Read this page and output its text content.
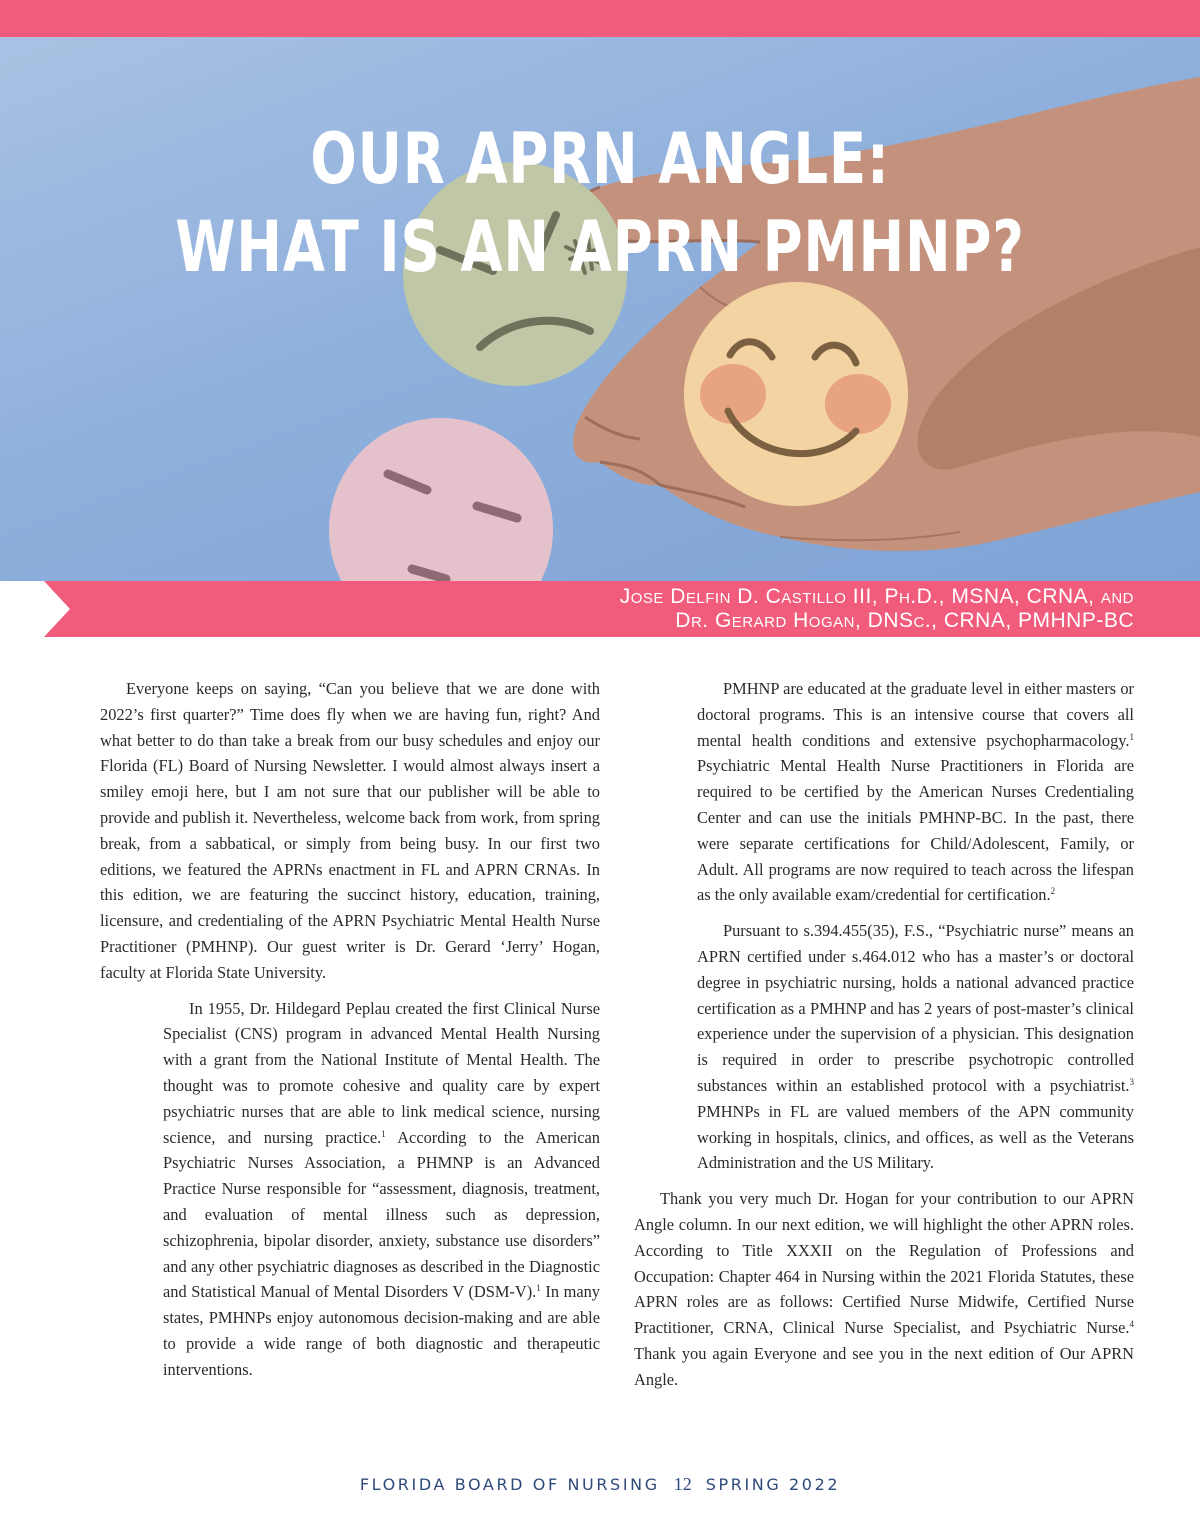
OUR APRN ANGLE:
WHAT IS AN APRN PMHNP?
Jose Delfin D. Castillo III, Ph.D., MSNA, CRNA, and
Dr. Gerard Hogan, DNSc., CRNA, PMHNP-BC

Everyone keeps on saying, “Can you believe that we are done with 2022’s first quarter?” Time does fly when we are having fun, right? And what better to do than take a break from our busy schedules and enjoy our Florida (FL) Board of Nursing Newsletter. I would almost always insert a smiley emoji here, but I am not sure that our publisher will be able to provide and publish it. Nevertheless, welcome back from work, from spring break, from a sabbatical, or simply from being busy. In our first two editions, we featured the APRNs enactment in FL and APRN CRNAs. In this edition, we are featuring the succinct history, education, training, licensure, and credentialing of the APRN Psychiatric Mental Health Nurse Practitioner (PMHNP). Our guest writer is Dr. Gerard ‘Jerry’ Hogan, faculty at Florida State University.

In 1955, Dr. Hildegard Peplau created the first Clinical Nurse Specialist (CNS) program in advanced Mental Health Nursing with a grant from the National Institute of Mental Health. The thought was to promote cohesive and quality care by expert psychiatric nurses that are able to link medical science, nursing science, and nursing practice.$^1$ According to the American Psychiatric Nurses Association, a PHMNP is an Advanced Practice Nurse responsible for “assessment, diagnosis, treatment, and evaluation of mental illness such as depression, schizophrenia, bipolar disorder, anxiety, substance use disorders” and any other psychiatric diagnoses as described in the Diagnostic and Statistical Manual of Mental Disorders V (DSM-V).$^1$ In many states, PMHNPs enjoy autonomous decision-making and are able to provide a wide range of both diagnostic and therapeutic interventions.

PMHNP are educated at the graduate level in either masters or doctoral programs. This is an intensive course that covers all mental health conditions and extensive psychopharmacology.$^1$ Psychiatric Mental Health Nurse Practitioners in Florida are required to be certified by the American Nurses Credentialing Center and can use the initials PMHNP-BC. In the past, there were separate certifications for Child/Adolescent, Family, or Adult. All programs are now required to teach across the lifespan as the only available exam/credential for certification.$^2$

Pursuant to s.394.455(35), F.S., “Psychiatric nurse” means an APRN certified under s.464.012 who has a master’s or doctoral degree in psychiatric nursing, holds a national advanced practice certification as a PMHNP and has 2 years of post-master’s clinical experience under the supervision of a physician. This designation is required in order to prescribe psychotropic controlled substances within an established protocol with a psychiatrist.$^3$ PMHNPs in FL are valued members of the APN community working in hospitals, clinics, and offices, as well as the Veterans Administration and the US Military.

Thank you very much Dr. Hogan for your contribution to our APRN Angle column. In our next edition, we will highlight the other APRN roles. According to Title XXXII on the Regulation of Professions and Occupation: Chapter 464 in Nursing within the 2021 Florida Statutes, these APRN roles are as follows: Certified Nurse Midwife, Certified Nurse Practitioner, CRNA, Clinical Nurse Specialist, and Psychiatric Nurse.$^4$ Thank you again Everyone and see you in the next edition of Our APRN Angle.

FLORIDA BOARD OF NURSING 12 SPRING 2022
